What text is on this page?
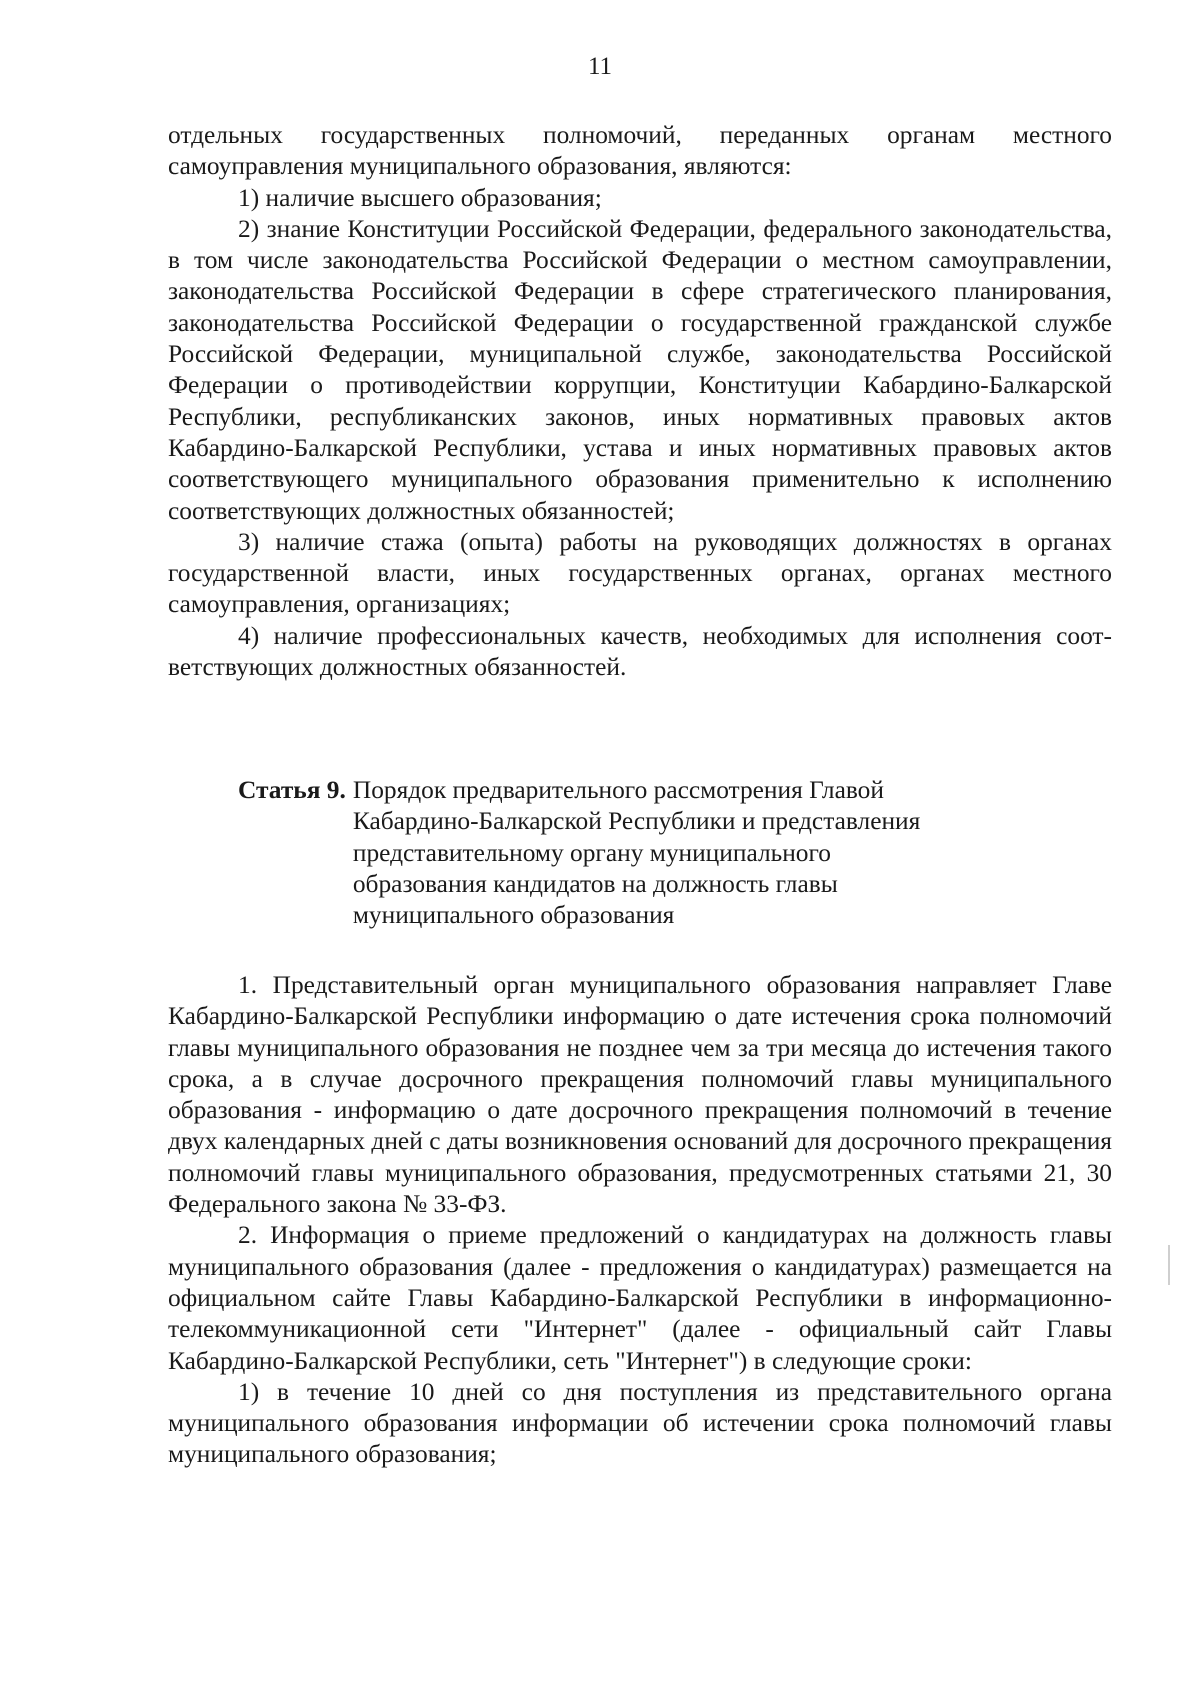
11

отдельных государственных полномочий, переданных органам местного самоуправления муниципального образования, являются:

1) наличие высшего образования;

2) знание Конституции Российской Федерации, федерального законодательства, в том числе законодательства Российской Федерации о местном самоуправлении, законодательства Российской Федерации в сфере стратегического планирования, законодательства Российской Федерации о государственной гражданской службе Российской Федерации, муниципальной службе, законодательства Российской Федерации о противодействии коррупции, Конституции Кабардино-Балкарской Республики, республиканских законов, иных нормативных правовых актов Кабардино-Балкарской Республики, устава и иных нормативных правовых актов соответствующего муниципального образования применительно к исполнению соответствующих должностных обязанностей;

3) наличие стажа (опыта) работы на руководящих должностях в органах государственной власти, иных государственных органах, органах местного самоуправления, организациях;

4) наличие профессиональных качеств, необходимых для исполнения соответствующих должностных обязанностей.

Статья 9. Порядок предварительного рассмотрения Главой
Кабардино-Балкарской Республики и представления
представительному органу муниципального
образования кандидатов на должность главы
муниципального образования

1. Представительный орган муниципального образования направляет Главе Кабардино-Балкарской Республики информацию о дате истечения срока полномочий главы муниципального образования не позднее чем за три месяца до истечения такого срока, а в случае досрочного прекращения полномочий главы муниципального образования - информацию о дате досрочного прекращения полномочий в течение двух календарных дней с даты возникновения оснований для досрочного прекращения полномочий главы муниципального образования, предусмотренных статьями 21, 30 Федерального закона № 33-ФЗ.

2. Информация о приеме предложений о кандидатурах на должность главы муниципального образования (далее - предложения о кандидатурах) размещается на официальном сайте Главы Кабардино-Балкарской Республики в информационно-телекоммуникационной сети "Интернет" (далее - официальный сайт Главы Кабардино-Балкарской Республики, сеть "Интернет") в следующие сроки:

1) в течение 10 дней со дня поступления из представительного органа муниципального образования информации об истечении срока полномочий главы муниципального образования;
